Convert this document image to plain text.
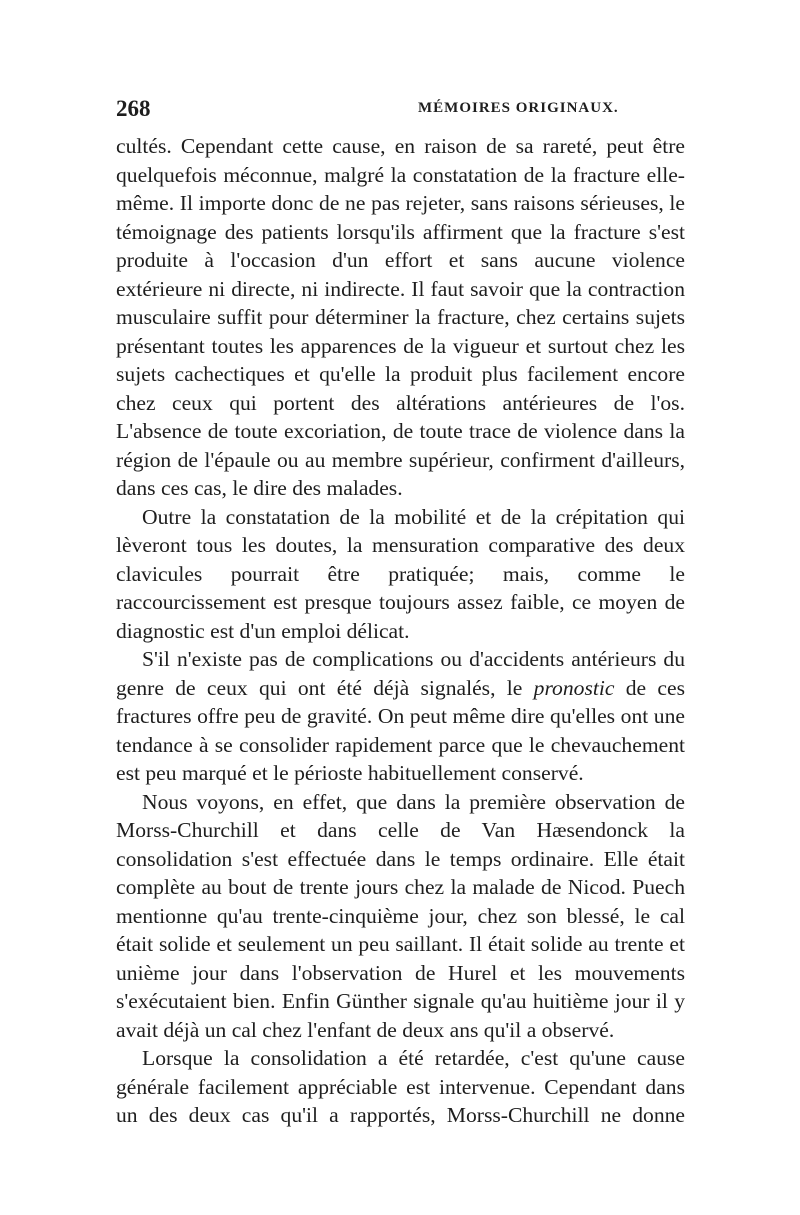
268	MÉMOIRES ORIGINAUX.

cultés. Cependant cette cause, en raison de sa rareté, peut être quelquefois méconnue, malgré la constatation de la fracture elle-même. Il importe donc de ne pas rejeter, sans raisons sérieuses, le témoignage des patients lorsqu'ils affirment que la fracture s'est produite à l'occasion d'un effort et sans aucune violence extérieure ni directe, ni indirecte. Il faut savoir que la contraction musculaire suffit pour déterminer la fracture, chez certains sujets présentant toutes les apparences de la vigueur et surtout chez les sujets cachectiques et qu'elle la produit plus facilement encore chez ceux qui portent des altérations antérieures de l'os. L'absence de toute excoriation, de toute trace de violence dans la région de l'épaule ou au membre supérieur, confirment d'ailleurs, dans ces cas, le dire des malades.

Outre la constatation de la mobilité et de la crépitation qui lèveront tous les doutes, la mensuration comparative des deux clavicules pourrait être pratiquée; mais, comme le raccourcissement est presque toujours assez faible, ce moyen de diagnostic est d'un emploi délicat.

S'il n'existe pas de complications ou d'accidents antérieurs du genre de ceux qui ont été déjà signalés, le pronostic de ces fractures offre peu de gravité. On peut même dire qu'elles ont une tendance à se consolider rapidement parce que le chevauchement est peu marqué et le périoste habituellement conservé.

Nous voyons, en effet, que dans la première observation de Morss-Churchill et dans celle de Van Hæsendonck la consolidation s'est effectuée dans le temps ordinaire. Elle était complète au bout de trente jours chez la malade de Nicod. Puech mentionne qu'au trente-cinquième jour, chez son blessé, le cal était solide et seulement un peu saillant. Il était solide au trente et unième jour dans l'observation de Hurel et les mouvements s'exécutaient bien. Enfin Günther signale qu'au huitième jour il y avait déjà un cal chez l'enfant de deux ans qu'il a observé.

Lorsque la consolidation a été retardée, c'est qu'une cause générale facilement appréciable est intervenue. Cependant dans un des deux cas qu'il a rapportés, Morss-Churchill ne donne
